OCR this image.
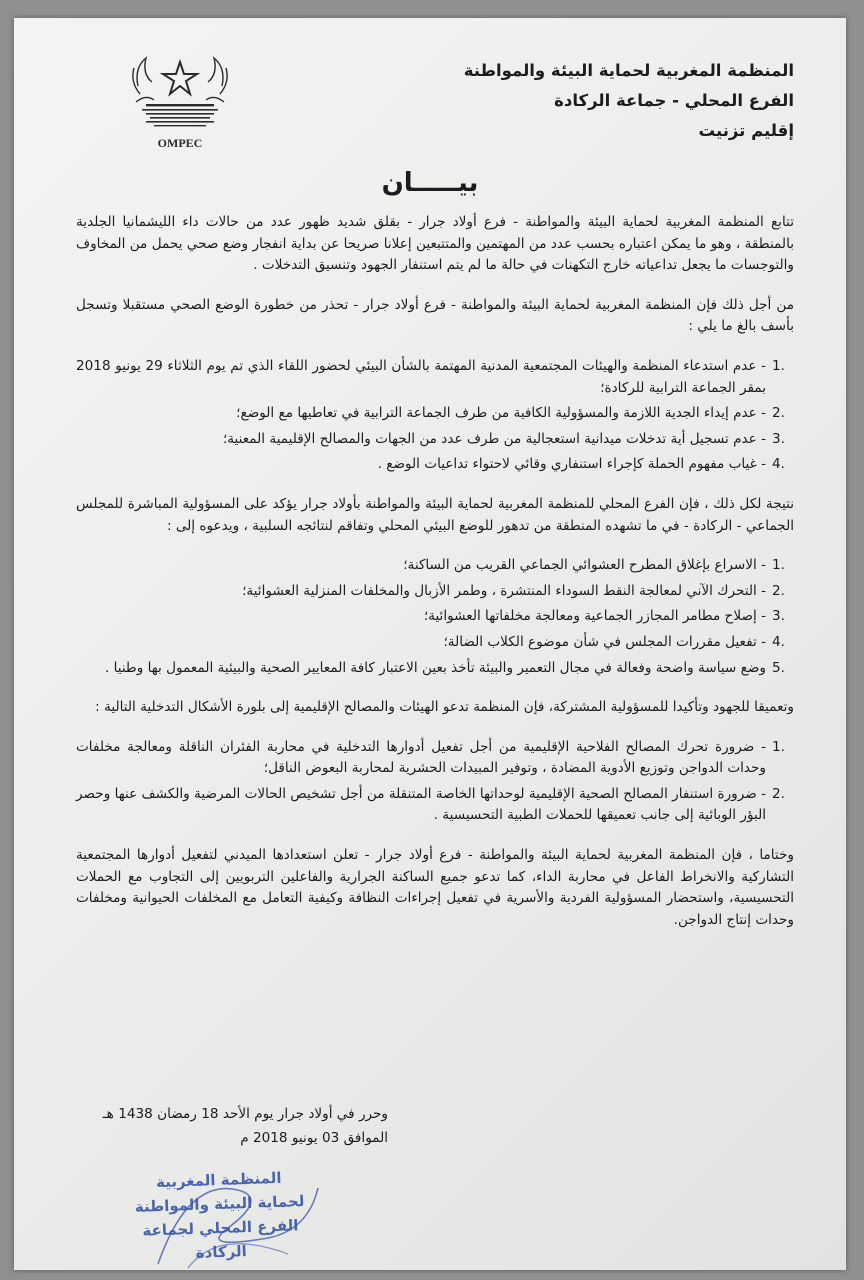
OMPEC
المنظمة المغربية لحماية البيئة والمواطنة
الفرع المحلي - جماعة الركادة
إقليم تزنيت
بيـــــان

تتابع المنظمة المغربية لحماية البيئة والمواطنة - فرع أولاد جرار - بقلق شديد ظهور عدد من حالات داء الليشمانيا الجلدية بالمنطقة ، وهو ما يمكن اعتباره بحسب عدد من المهتمين والمتتبعين إعلانا صريحا عن بداية انفجار وضع صحي يحمل من المخاوف والتوجسات ما يجعل تداعياته خارج التكهنات في حالة ما لم يتم استنفار الجهود وتنسيق التدخلات .

من أجل ذلك فإن المنظمة المغربية لحماية البيئة والمواطنة - فرع أولاد جرار - تحذر من خطورة الوضع الصحي مستقبلا وتسجل بأسف بالغ ما يلي :

1.
- عدم استدعاء المنظمة والهيئات المجتمعية المدنية المهتمة بالشأن البيئي لحضور اللقاء الذي تم يوم الثلاثاء 29 يونيو 2018 بمقر الجماعة الترابية للركادة؛
2.
- عدم إيداء الجدية اللازمة والمسؤولية الكافية من طرف الجماعة الترابية في تعاطيها مع الوضع؛
3.
- عدم تسجيل أية تدخلات ميدانية استعجالية من طرف عدد من الجهات والمصالح الإقليمية المعنية؛
4.
- غياب مفهوم الحملة كإجراء استنفاري وقائي لاحتواء تداعيات الوضع .

نتيجة لكل ذلك ، فإن الفرع المحلي للمنظمة المغربية لحماية البيئة والمواطنة بأولاد جرار يؤكد على المسؤولية المباشرة للمجلس الجماعي - الركادة - في ما تشهده المنطقة من تدهور للوضع البيئي المحلي وتفاقم لنتائجه السلبية ، ويدعوه إلى :

1.
- الاسراع بإغلاق المطرح العشوائي الجماعي القريب من الساكنة؛
2.
- التحرك الآني لمعالجة النقط السوداء المنتشرة ، وطمر الأزبال والمخلفات المنزلية العشوائية؛
3.
- إصلاح مطامر المجازر الجماعية ومعالجة مخلفاتها العشوائية؛
4.
- تفعيل مقررات المجلس في شأن موضوع الكلاب الضالة؛
5.
وضع سياسة واضحة وفعالة في مجال التعمير والبيئة تأخذ بعين الاعتبار كافة المعايير الصحية والبيئية المعمول بها وطنيا .

وتعميقا للجهود وتأكيدا للمسؤولية المشتركة، فإن المنظمة تدعو الهيئات والمصالح الإقليمية إلى بلورة الأشكال التدخلية التالية :

1.
- ضرورة تحرك المصالح الفلاحية الإقليمية من أجل تفعيل أدوارها التدخلية في محاربة الفئران الناقلة ومعالجة مخلفات وحدات الدواجن وتوزيع الأدوية المضادة ، وتوفير المبيدات الحشرية لمحاربة البعوض الناقل؛
2.
- ضرورة استنفار المصالح الصحية الإقليمية لوحداتها الخاصة المتنقلة من أجل تشخيص الحالات المرضية والكشف عنها وحصر البؤر الوبائية إلى جانب تعميقها للحملات الطبية التحسيسية .

وختاما ، فإن المنظمة المغربية لحماية البيئة والمواطنة - فرع أولاد جرار - تعلن استعدادها الميدني لتفعيل أدوارها المجتمعية التشاركية والانخراط الفاعل في محاربة الداء، كما تدعو جميع الساكنة الجرارية والفاعلين التربويين إلى التجاوب مع الحملات التحسيسية، واستحضار المسؤولية الفردية والأسرية في تفعيل إجراءات النظافة وكيفية التعامل مع المخلفات الحيوانية ومخلفات وحدات إنتاج الدواجن.

وحرر في أولاد جرار يوم الأحد 18 رمضان 1438 هـ
الموافق 03 يونيو 2018 م
المنظمة المغربية
لحماية البيئة والمواطنة
الفرع المحلي لجماعة الركادة
